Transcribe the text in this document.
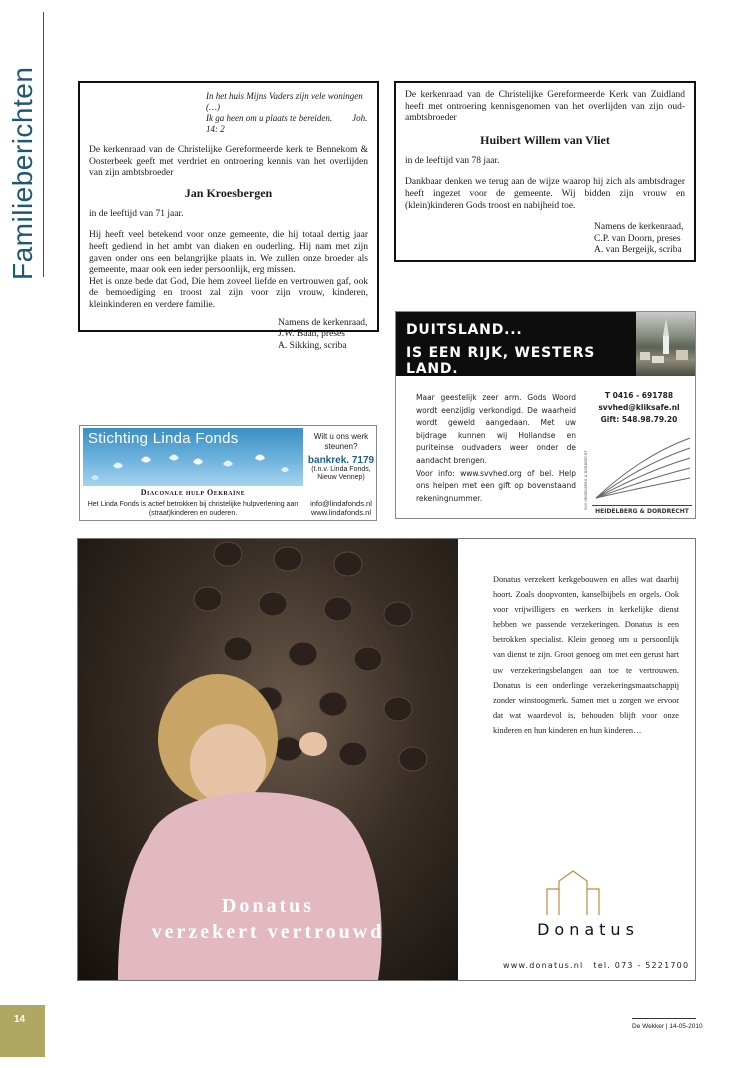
Familieberichten	In het huis Mijns Vaders zijn vele woningen (…)
Ik ga heen om u plaats te bereiden. Joh. 14: 2

De kerkenraad van de Christelijke Gereformeerde kerk te Bennekom & Oosterbeek geeft met verdriet en ontroering kennis van het overlijden van zijn ambtsbroeder

Jan Kroesbergen

in de leeftijd van 71 jaar.

Hij heeft veel betekend voor onze gemeente, die hij totaal dertig jaar heeft gediend in het ambt van diaken en ouderling. Hij nam met zijn gaven onder ons een belangrijke plaats in. We zullen onze broeder als gemeente, maar ook een ieder persoonlijk, erg missen.

Het is onze bede dat God, Die hem zoveel liefde en vertrouwen gaf, ook de bemoediging en troost zal zijn voor zijn vrouw, kinderen, kleinkinderen en verdere familie.

Namens de kerkenraad,
J.W. Baan, preses
A. Sikking, scriba

De kerkenraad van de Christelijke Gereformeerde Kerk van Zuidland heeft met ontroering kennisgenomen van het overlijden van zijn oud-ambtsbroeder

Huibert Willem van Vliet

in de leeftijd van 78 jaar.

Dankbaar denken we terug aan de wijze waarop hij zich als ambtsdrager heeft ingezet voor de gemeente. Wij bidden zijn vrouw en (klein)kinderen Gods troost en nabijheid toe.

Namens de kerkenraad,
C.P. van Doorn, preses
A. van Bergeijk, scriba
DUITSLAND...
IS EEN RIJK, WESTERS LAND.
Maar geestelijk zeer arm. Gods Woord wordt eenzijdig verkondigd. De waarheid wordt geweld aangedaan. Met uw bijdrage kunnen wij Hollandse en puriteinse oudvaders weer onder de aandacht brengen.
Voor info: www.svvhed.org of bel. Help ons helpen met een gift op bovenstaand rekeningnummer.
T 0416 - 691788
svvhed@kliksafe.nl
Gift: 548.98.79.20
SVV HEIDELBERG & DORDRECHT
HEIDELBERG & DORDRECHT
Stichting Linda Fonds
Diaconale hulp Oekraïne
Het Linda Fonds is actief betrokken bij christelijke hulpverlening aan (straat)kinderen en ouderen.
Wilt u ons werk steunen?
bankrek. 7179
(t.n.v. Linda Fonds, Nieuw Vennep)
info@lindafonds.nl
www.lindafonds.nl
Donatus
verzekert vertrouwd
Donatus verzekert kerkgebouwen en alles wat daarbij hoort. Zoals doopvonten, kanselbijbels en orgels. Ook voor vrijwilligers en werkers in kerkelijke dienst hebben we passende verzekeringen. Donatus is een betrokken specialist. Klein genoeg om u persoonlijk van dienst te zijn. Groot genoeg om met een gerust hart uw verzekeringsbelangen aan toe te vertrouwen. Donatus is een onderlinge verzekeringsmaatschappij zonder winstoogmerk. Samen met u zorgen we ervoor dat wat waardevol is, behouden blijft voor onze kinderen en hun kinderen en hun kinderen…
Donatus
www.donatus.nl tel. 073 - 5221700
14
De Wekker | 14-05-2010
